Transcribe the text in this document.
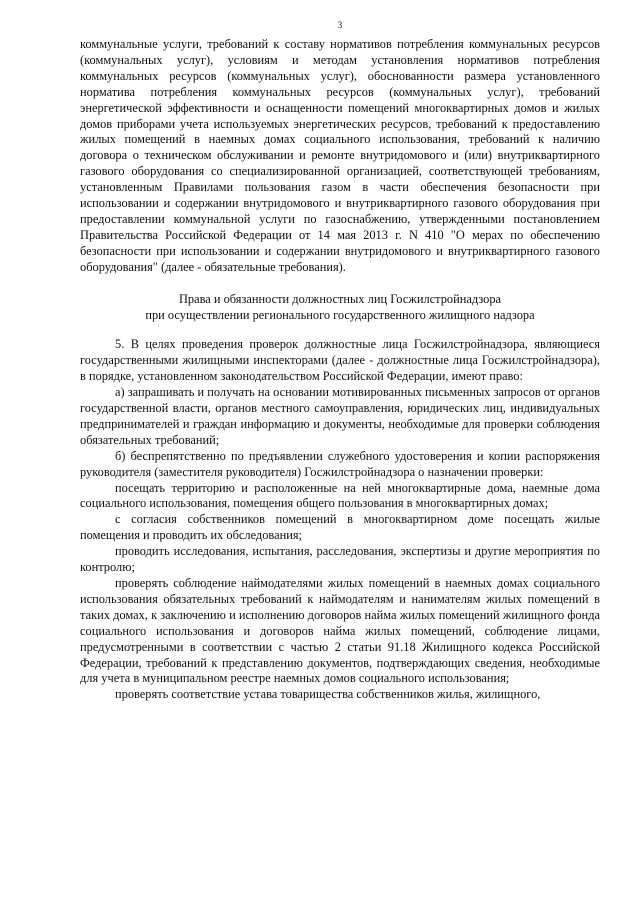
3

коммунальные услуги, требований к составу нормативов потребления коммунальных ресурсов (коммунальных услуг), условиям и методам установления нормативов потребления коммунальных ресурсов (коммунальных услуг), обоснованности размера установленного норматива потребления коммунальных ресурсов (коммунальных услуг), требований энергетической эффективности и оснащенности помещений многоквартирных домов и жилых домов приборами учета используемых энергетических ресурсов, требований к предоставлению жилых помещений в наемных домах социального использования, требований к наличию договора о техническом обслуживании и ремонте внутридомового и (или) внутриквартирного газового оборудования со специализированной организацией, соответствующей требованиям, установленным Правилами пользования газом в части обеспечения безопасности при использовании и содержании внутридомового и внутриквартирного газового оборудования при предоставлении коммунальной услуги по газоснабжению, утвержденными постановлением Правительства Российской Федерации от 14 мая 2013 г. N 410 "О мерах по обеспечению безопасности при использовании и содержании внутридомового и внутриквартирного газового оборудования" (далее - обязательные требования).

Права и обязанности должностных лиц Госжилстройнадзора
при осуществлении регионального государственного жилищного надзора

5. В целях проведения проверок должностные лица Госжилстройнадзора, являющиеся государственными жилищными инспекторами (далее - должностные лица Госжилстройнадзора), в порядке, установленном законодательством Российской Федерации, имеют право:

а) запрашивать и получать на основании мотивированных письменных запросов от органов государственной власти, органов местного самоуправления, юридических лиц, индивидуальных предпринимателей и граждан информацию и документы, необходимые для проверки соблюдения обязательных требований;

б) беспрепятственно по предъявлении служебного удостоверения и копии распоряжения руководителя (заместителя руководителя) Госжилстройнадзора о назначении проверки:

посещать территорию и расположенные на ней многоквартирные дома, наемные дома социального использования, помещения общего пользования в многоквартирных домах;

с согласия собственников помещений в многоквартирном доме посещать жилые помещения и проводить их обследования;

проводить исследования, испытания, расследования, экспертизы и другие мероприятия по контролю;

проверять соблюдение наймодателями жилых помещений в наемных домах социального использования обязательных требований к наймодателям и нанимателям жилых помещений в таких домах, к заключению и исполнению договоров найма жилых помещений жилищного фонда социального использования и договоров найма жилых помещений, соблюдение лицами, предусмотренными в соответствии с частью 2 статьи 91.18 Жилищного кодекса Российской Федерации, требований к представлению документов, подтверждающих сведения, необходимые для учета в муниципальном реестре наемных домов социального использования;

проверять соответствие устава товарищества собственников жилья, жилищного,
